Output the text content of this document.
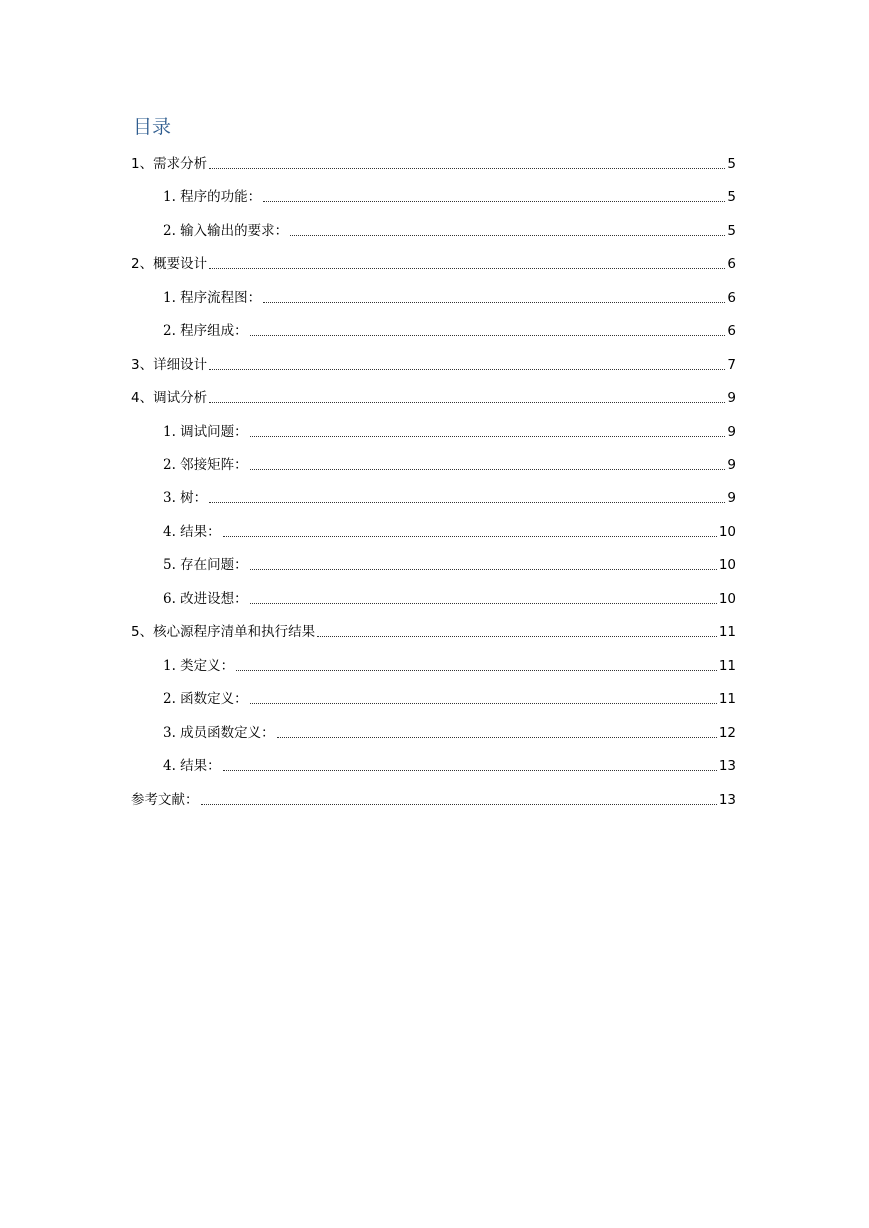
目录
1、需求分析	5
1. 程序的功能：	5
2. 输入输出的要求：	5
2、概要设计	6
1. 程序流程图：	6
2. 程序组成：	6
3、详细设计	7
4、调试分析	9
1. 调试问题：	9
2. 邻接矩阵：	9
3. 树：	9
4. 结果：	10
5. 存在问题：	10
6. 改进设想：	10
5、核心源程序清单和执行结果	11
1. 类定义：	11
2. 函数定义：	11
3. 成员函数定义：	12
4. 结果：	13
参考文献：	13
